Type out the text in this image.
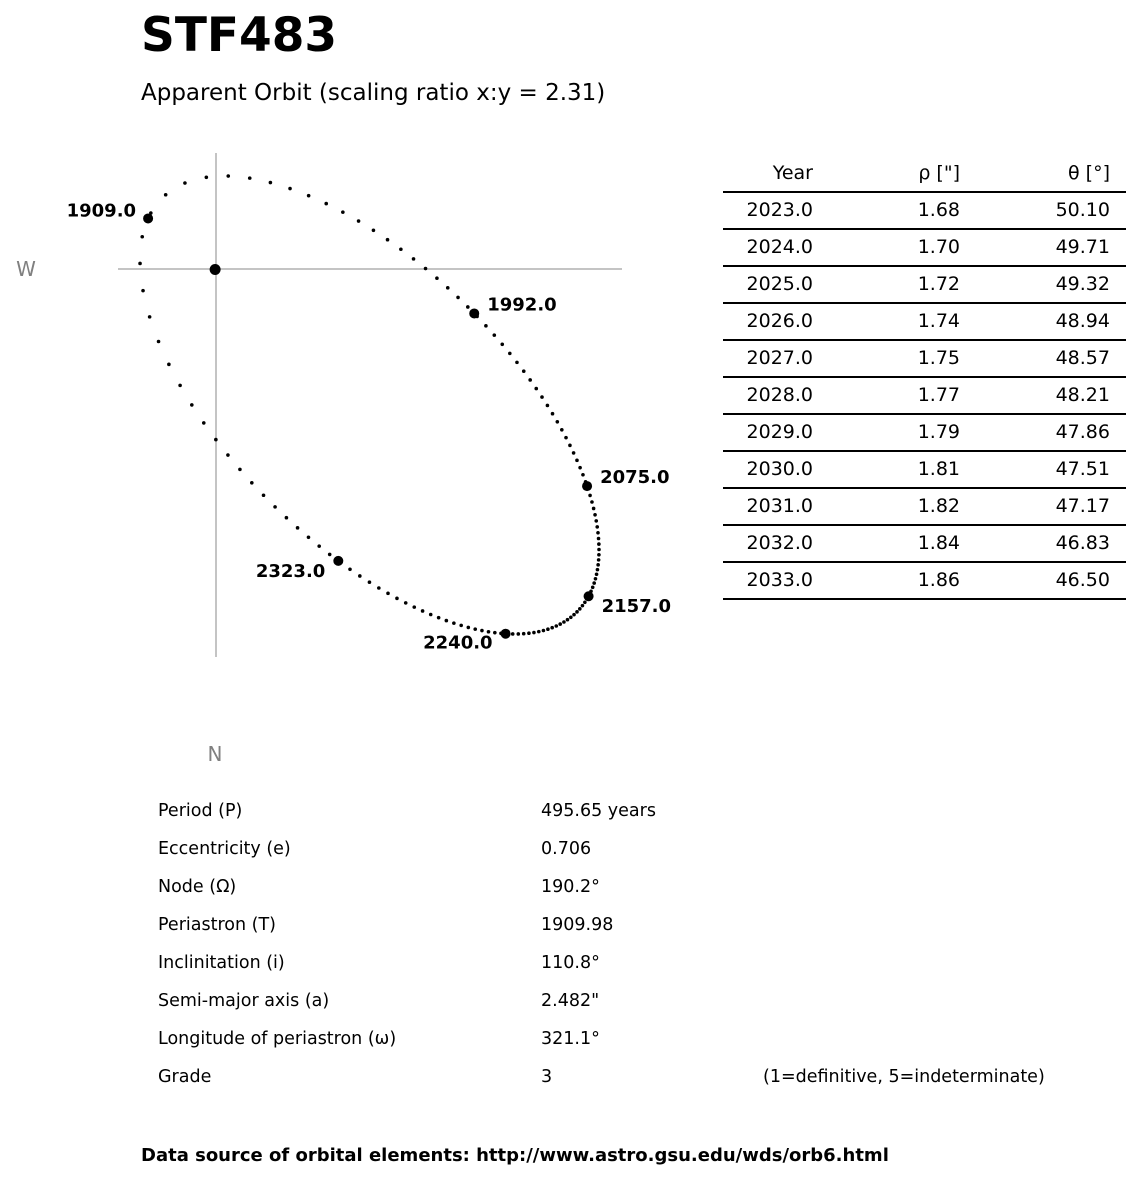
STF483
Apparent Orbit (scaling ratio x:y = 2.31)
W
N
1909.0
1992.0
2075.0
2157.0
2240.0
2323.0
Year	ρ ["]	θ [°]
2023.0	1.68	50.10
2024.0	1.70	49.71
2025.0	1.72	49.32
2026.0	1.74	48.94
2027.0	1.75	48.57
2028.0	1.77	48.21
2029.0	1.79	47.86
2030.0	1.81	47.51
2031.0	1.82	47.17
2032.0	1.84	46.83
2033.0	1.86	46.50
Period (P)	495.65 years
Eccentricity (e)	0.706
Node (Ω)	190.2°
Periastron (T)	1909.98
Inclinitation (i)	110.8°
Semi-major axis (a)	2.482"
Longitude of periastron (ω)	321.1°
Grade	3	(1=definitive, 5=indeterminate)
Data source of orbital elements: http://www.astro.gsu.edu/wds/orb6.html
